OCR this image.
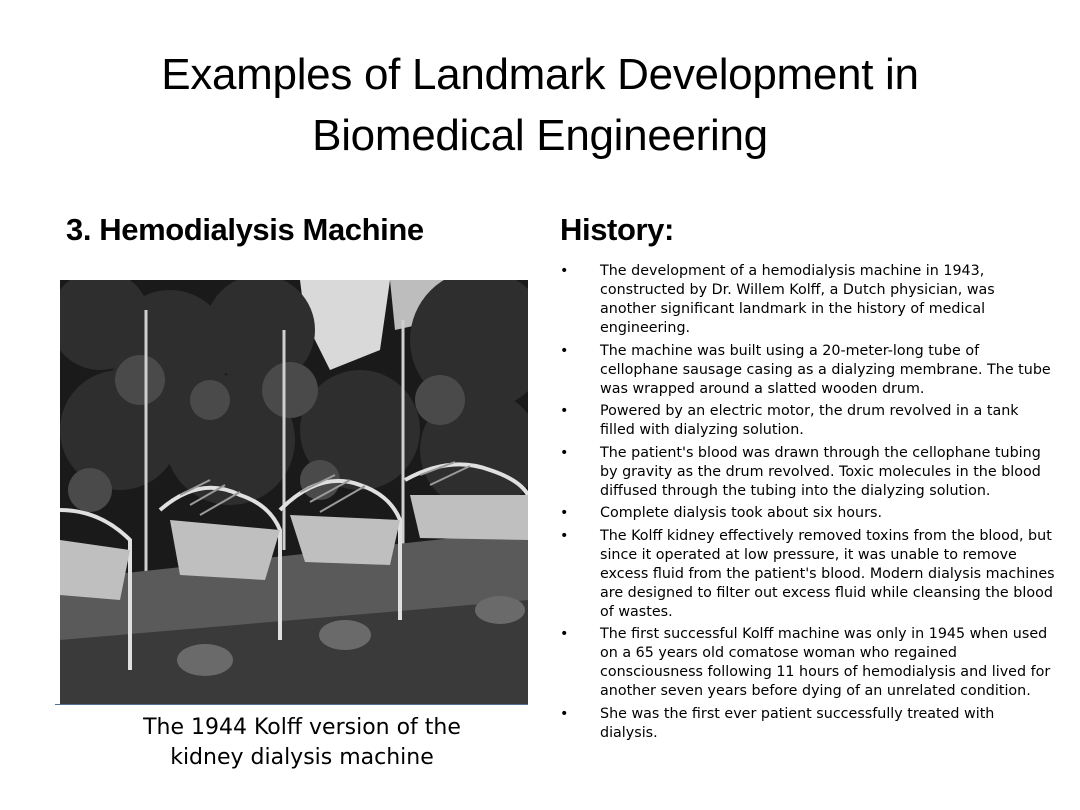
Examples of Landmark Development in
Biomedical Engineering
3. Hemodialysis Machine	History:
The 1944 Kolff version of the
kidney dialysis machine
• The development of a hemodialysis machine in 1943, constructed by Dr. Willem Kolff, a Dutch physician, was another significant landmark in the history of medical engineering.
• The machine was built using a 20-meter-long tube of cellophane sausage casing as a dialyzing membrane. The tube was wrapped around a slatted wooden drum.
• Powered by an electric motor, the drum revolved in a tank filled with dialyzing solution.
• The patient's blood was drawn through the cellophane tubing by gravity as the drum revolved. Toxic molecules in the blood diffused through the tubing into the dialyzing solution.
• Complete dialysis took about six hours.
• The Kolff kidney effectively removed toxins from the blood, but since it operated at low pressure, it was unable to remove excess fluid from the patient's blood. Modern dialysis machines are designed to filter out excess fluid while cleansing the blood of wastes.
• The first successful Kolff machine was only in 1945 when used on a 65 years old comatose woman who regained consciousness following 11 hours of hemodialysis and lived for another seven years before dying of an unrelated condition.
• She was the first ever patient successfully treated with dialysis.
